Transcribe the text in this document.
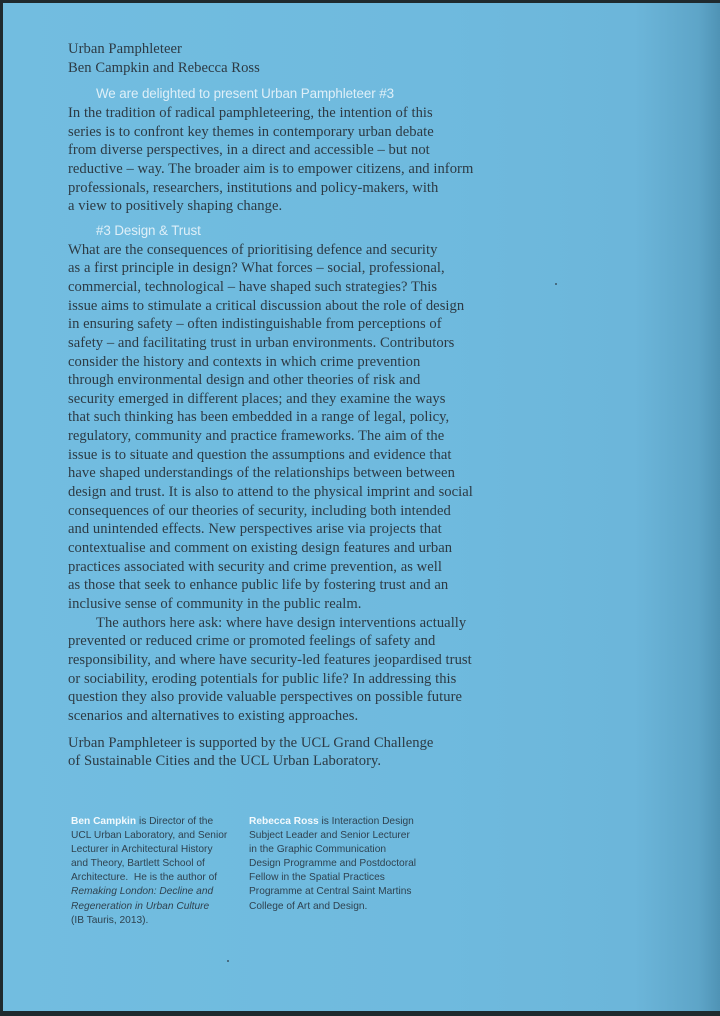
Urban Pamphleteer
Ben Campkin and Rebecca Ross
We are delighted to present Urban Pamphleteer #3
In the tradition of radical pamphleteering, the intention of this
series is to confront key themes in contemporary urban debate
from diverse perspectives, in a direct and accessible – but not
reductive – way. The broader aim is to empower citizens, and inform
professionals, researchers, institutions and policy-makers, with
a view to positively shaping change.
#3 Design & Trust
What are the consequences of prioritising defence and security
as a first principle in design? What forces – social, professional,
commercial, technological – have shaped such strategies? This
issue aims to stimulate a critical discussion about the role of design
in ensuring safety – often indistinguishable from perceptions of
safety – and facilitating trust in urban environments. Contributors
consider the history and contexts in which crime prevention
through environmental design and other theories of risk and
security emerged in different places; and they examine the ways
that such thinking has been embedded in a range of legal, policy,
regulatory, community and practice frameworks. The aim of the
issue is to situate and question the assumptions and evidence that
have shaped understandings of the relationships between between
design and trust. It is also to attend to the physical imprint and social
consequences of our theories of security, including both intended
and unintended effects. New perspectives arise via projects that
contextualise and comment on existing design features and urban
practices associated with security and crime prevention, as well
as those that seek to enhance public life by fostering trust and an
inclusive sense of community in the public realm.
The authors here ask: where have design interventions actually
prevented or reduced crime or promoted feelings of safety and
responsibility, and where have security-led features jeopardised trust
or sociability, eroding potentials for public life? In addressing this
question they also provide valuable perspectives on possible future
scenarios and alternatives to existing approaches.
Urban Pamphleteer is supported by the UCL Grand Challenge
of Sustainable Cities and the UCL Urban Laboratory.
Ben Campkin is Director of the
UCL Urban Laboratory, and Senior
Lecturer in Architectural History
and Theory, Bartlett School of
Architecture.  He is the author of
Remaking London: Decline and
Regeneration in Urban Culture
(IB Tauris, 2013).
Rebecca Ross is Interaction Design
Subject Leader and Senior Lecturer
in the Graphic Communication
Design Programme and Postdoctoral
Fellow in the Spatial Practices
Programme at Central Saint Martins
College of Art and Design.
